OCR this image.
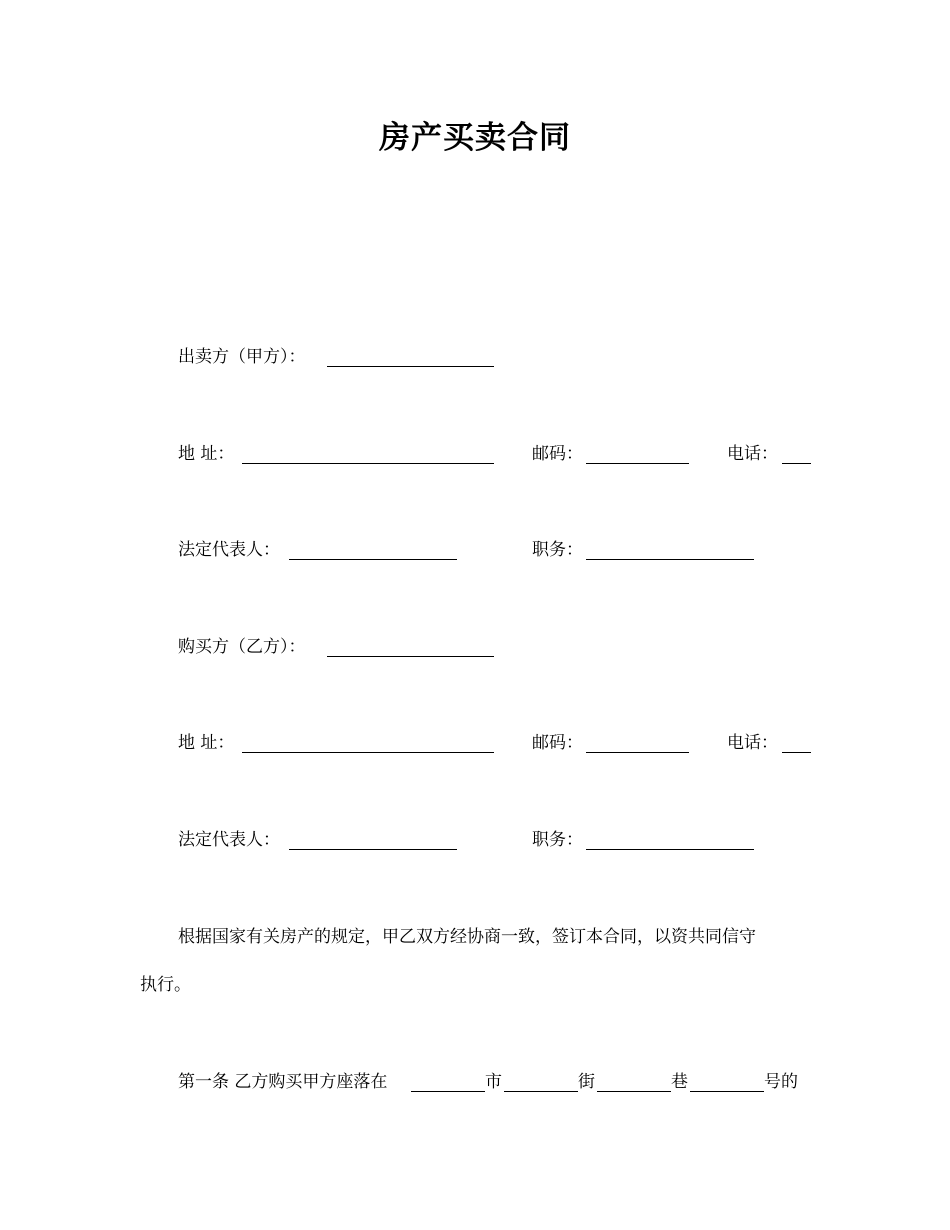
房产买卖合同
出卖方（甲方）：
地 址：	邮码：	电话：
法定代表人：	职务：
购买方（乙方）：
地 址：	邮码：	电话：
法定代表人：	职务：
根据国家有关房产的规定，甲乙双方经协商一致，签订本合同，以资共同信守
执行。
第一条 乙方购买甲方座落在	市	街	巷	号的
